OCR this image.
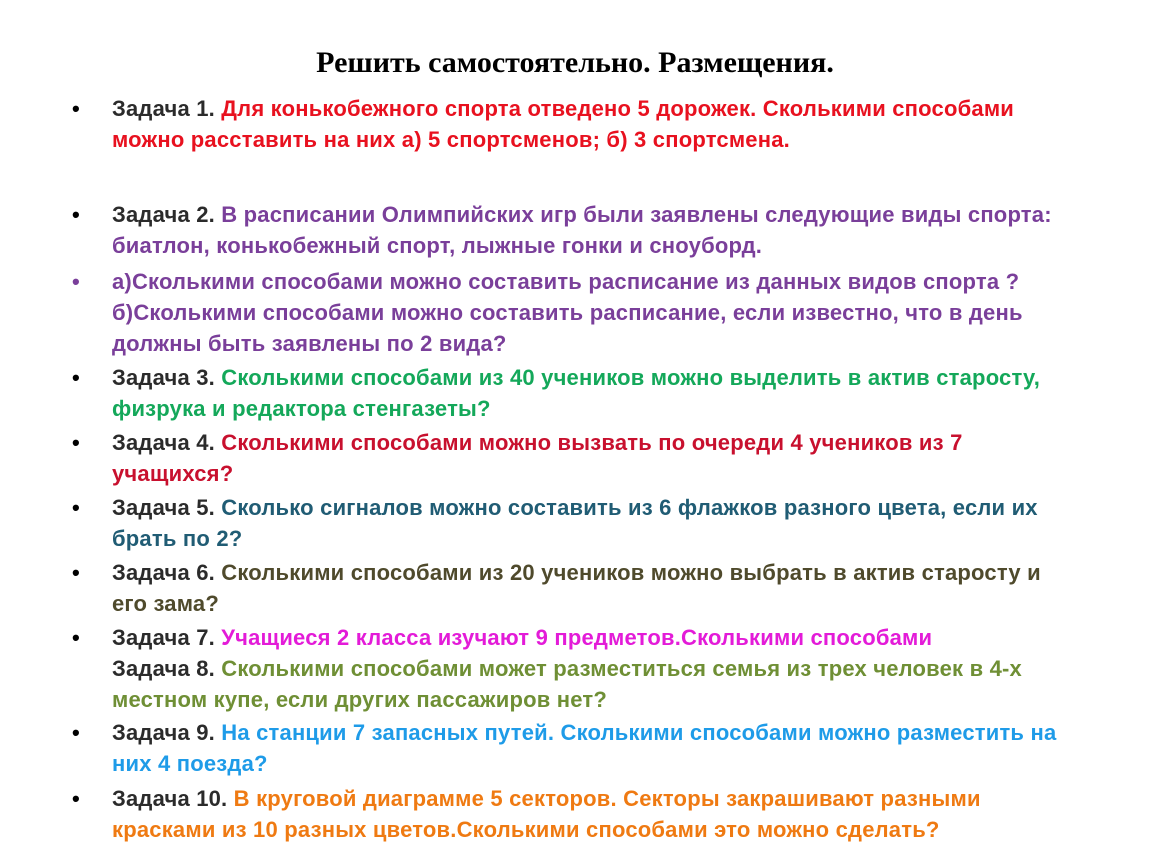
Решить самостоятельно. Размещения.
•	Задача 1. Для конькобежного спорта отведено 5 дорожек. Сколькими способами можно расставить на них а) 5 спортсменов; б) 3 спортсмена.
•	Задача 2. В расписании Олимпийских игр были заявлены следующие виды спорта: биатлон, конькобежный спорт, лыжные гонки и сноуборд.
•	а)Сколькими способами можно составить расписание из данных видов спорта ? б)Сколькими способами можно составить расписание, если известно, что в день должны быть заявлены по 2 вида?
•	Задача 3. Сколькими способами из 40 учеников можно выделить в актив старосту, физрука и редактора стенгазеты?
•	Задача 4. Сколькими способами можно вызвать по очереди 4 учеников из 7 учащихся?
•	Задача 5. Сколько сигналов можно составить из 6 флажков разного цвета, если их брать по 2?
•	Задача 6. Сколькими способами из 20 учеников можно выбрать в актив старосту и его зама?
•	Задача 7. Учащиеся 2 класса изучают 9 предметов.Сколькими способами
Задача 8. Сколькими способами может разместиться семья из трех человек в 4-х местном купе, если других пассажиров нет?
•	Задача 9. На станции 7 запасных путей. Сколькими способами можно разместить на них 4 поезда?
•	Задача 10. В круговой диаграмме 5 секторов. Секторы закрашивают разными красками из 10 разных цветов.Сколькими способами это можно сделать?
